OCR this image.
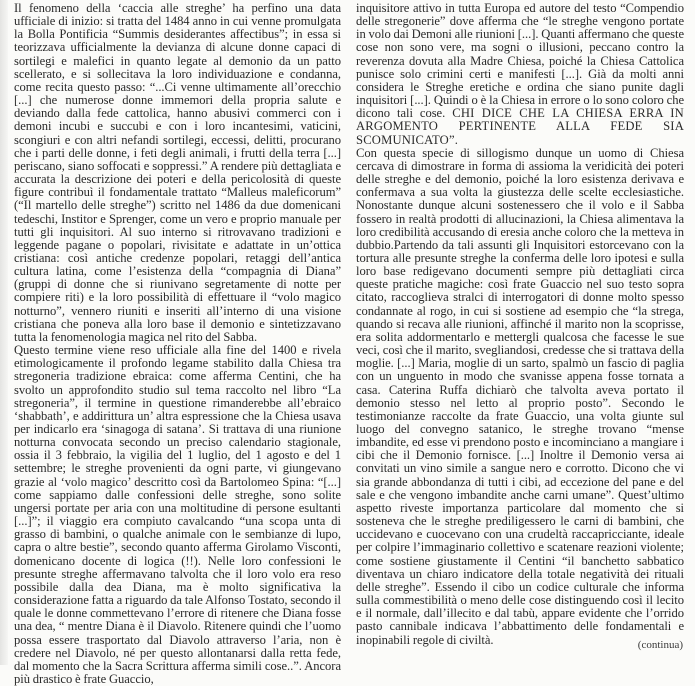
Il fenomeno della ‘caccia alle streghe’ ha perfino una data ufficiale di inizio: si tratta del 1484 anno in cui venne promulgata la Bolla Pontificia “Summis desiderantes affectibus”; in essa si teorizzava ufficialmente la devianza di alcune donne capaci di sortilegi e malefici in quanto legate al demonio da un patto scellerato, e si sollecitava la loro individuazione e condanna, come recita questo passo: “...Ci venne ultimamente all’orecchio [...] che numerose donne immemori della propria salute e deviando dalla fede cattolica, hanno abusivi commerci con i demoni incubi e succubi e con i loro incantesimi, vaticini, scongiuri e con altri nefandi sortilegi, eccessi, delitti, procurano che i parti delle donne, i feti degli animali, i frutti della terra [...] periscano, siano soffocati e soppressi.” A rendere più dettagliata e accurata la descrizione dei poteri e della pericolosità di queste figure contribuì il fondamentale trattato “Malleus maleficorum” (“Il martello delle streghe”) scritto nel 1486 da due domenicani tedeschi, Institor e Sprenger, come un vero e proprio manuale per tutti gli inquisitori. Al suo interno si ritrovavano tradizioni e leggende pagane o popolari, rivisitate e adattate in un’ottica cristiana: così antiche credenze popolari, retaggi dell’antica cultura latina, come l’esistenza della “compagnia di Diana” (gruppi di donne che si riunivano segretamente di notte per compiere riti) e la loro possibilità di effettuare il “volo magico notturno”, vennero riuniti e inseriti all’interno di una visione cristiana che poneva alla loro base il demonio e sintetizzavano tutta la fenomenologia magica nel rito del Sabba.

Questo termine viene reso ufficiale alla fine del 1400 e rivela etimologicamente il profondo legame stabilito dalla Chiesa tra stregoneria tradizione ebraica: come afferma Centini, che ha svolto un approfondito studio sul tema raccolto nel libro “La stregoneria”, il termine in questione rimanderebbe all’ebraico ‘shabbath’, e addirittura un’ altra espressione che la Chiesa usava per indicarlo era ‘sinagoga di satana’. Si trattava di una riunione notturna convocata secondo un preciso calendario stagionale, ossia il 3 febbraio, la vigilia del 1 luglio, del 1 agosto e del 1 settembre; le streghe provenienti da ogni parte, vi giungevano grazie al ‘volo magico’ descritto così da Bartolomeo Spina: “[...] come sappiamo dalle confessioni delle streghe, sono solite ungersi portate per aria con una moltitudine di persone esultanti [...]”; il viaggio era compiuto cavalcando “una scopa unta di grasso di bambini, o qualche animale con le sembianze di lupo, capra o altre bestie”, secondo quanto afferma Girolamo Visconti, domenicano docente di logica (!!). Nelle loro confessioni le presunte streghe affermavano talvolta che il loro volo era reso possibile dalla dea Diana, ma è molto significativa la considerazione fatta a riguardo da tale Alfonso Tostato, secondo il quale le donne commettevano l’errore di ritenere che Diana fosse una dea, “ mentre Diana è il Diavolo. Ritenere quindi che l’uomo possa essere trasportato dal Diavolo attraverso l’aria, non è credere nel Diavolo, né per questo allontanarsi dalla retta fede, dal momento che la Sacra Scrittura afferma simili cose..”. Ancora più drastico è frate Guaccio,

inquisitore attivo in tutta Europa ed autore del testo “Compendio delle stregonerie” dove afferma che “le streghe vengono portate in volo dai Demoni alle riunioni [...]. Quanti affermano che queste cose non sono vere, ma sogni o illusioni, peccano contro la reverenza dovuta alla Madre Chiesa, poiché la Chiesa Cattolica punisce solo crimini certi e manifesti [...]. Già da molti anni considera le Streghe eretiche e ordina che siano punite dagli inquisitori [...]. Quindi o è la Chiesa in errore o lo sono coloro che dicono tali cose. CHI DICE CHE LA CHIESA ERRA IN ARGOMENTO PERTINENTE ALLA FEDE SIA SCOMUNICATO”.

Con questa specie di sillogismo dunque un uomo di Chiesa cercava di dimostrare in forma di assioma la veridicità dei poteri delle streghe e del demonio, poiché la loro esistenza derivava e confermava a sua volta la giustezza delle scelte ecclesiastiche. Nonostante dunque alcuni sostenessero che il volo e il Sabba fossero in realtà prodotti di allucinazioni, la Chiesa alimentava la loro credibilità accusando di eresia anche coloro che la metteva in dubbio.Partendo da tali assunti gli Inquisitori estorcevano con la tortura alle presunte streghe la conferma delle loro ipotesi e sulla loro base redigevano documenti sempre più dettagliati circa queste pratiche magiche: così frate Guaccio nel suo testo sopra citato, raccoglieva stralci di interrogatori di donne molto spesso condannate al rogo, in cui si sostiene ad esempio che “la strega, quando si recava alle riunioni, affinché il marito non la scoprisse, era solita addormentarlo e mettergli qualcosa che facesse le sue veci, così che il marito, svegliandosi, credesse che si trattava della moglie. [...] Maria, moglie di un sarto, spalmò un fascio di paglia con un unguento in modo che svanisse appena fosse tornata a casa. Caterina Ruffa dichiarò che talvolta aveva portato il demonio stesso nel letto al proprio posto”. Secondo le testimonianze raccolte da frate Guaccio, una volta giunte sul luogo del convegno satanico, le streghe trovano “mense imbandite, ed esse vi prendono posto e incominciano a mangiare i cibi che il Demonio fornisce. [...] Inoltre il Demonio versa ai convitati un vino simile a sangue nero e corrotto. Dicono che vi sia grande abbondanza di tutti i cibi, ad eccezione del pane e del sale e che vengono imbandite anche carni umane”. Quest’ultimo aspetto riveste importanza particolare dal momento che si sosteneva che le streghe prediligessero le carni di bambini, che uccidevano e cuocevano con una crudeltà raccapricciante, ideale per colpire l’immaginario collettivo e scatenare reazioni violente; come sostiene giustamente il Centini “il banchetto sabbatico diventava un chiaro indicatore della totale negatività dei rituali delle streghe”. Essendo il cibo un codice culturale che informa sulla commestibilità o meno delle cose distinguendo così il lecito e il normale, dall’illecito e dal tabù, appare evidente che l’orrido pasto cannibale indicava l’abbattimento delle fondamentali e inopinabili regole di civiltà.	(continua)
